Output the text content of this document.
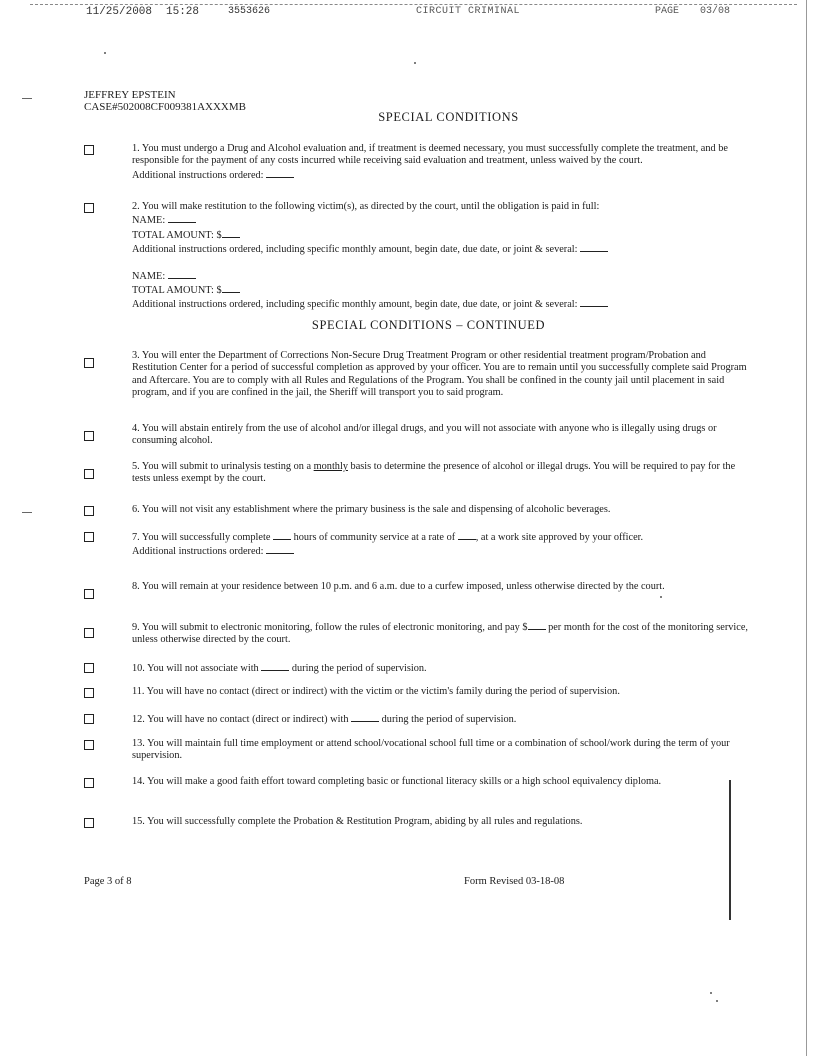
11/25/2008 15:28	3553626	CIRCUIT CRIMINAL	PAGE 03/08
JEFFREY EPSTEIN
CASE#502008CF009381AXXXMB
SPECIAL CONDITIONS
1. You must undergo a Drug and Alcohol evaluation and, if treatment is deemed necessary, you must successfully complete the treatment, and be responsible for the payment of any costs incurred while receiving said evaluation and treatment, unless waived by the court.
Additional instructions ordered:
2. You will make restitution to the following victim(s), as directed by the court, until the obligation is paid in full:
NAME:
TOTAL AMOUNT: $
Additional instructions ordered, including specific monthly amount, begin date, due date, or joint & several:
NAME:
TOTAL AMOUNT: $
Additional instructions ordered, including specific monthly amount, begin date, due date, or joint & several:
SPECIAL CONDITIONS – CONTINUED
3. You will enter the Department of Corrections Non-Secure Drug Treatment Program or other residential treatment program/Probation and Restitution Center for a period of successful completion as approved by your officer. You are to remain until you successfully complete said Program and Aftercare. You are to comply with all Rules and Regulations of the Program. You shall be confined in the county jail until placement in said program, and if you are confined in the jail, the Sheriff will transport you to said program.
4. You will abstain entirely from the use of alcohol and/or illegal drugs, and you will not associate with anyone who is illegally using drugs or consuming alcohol.
5. You will submit to urinalysis testing on a monthly basis to determine the presence of alcohol or illegal drugs. You will be required to pay for the tests unless exempt by the court.
6. You will not visit any establishment where the primary business is the sale and dispensing of alcoholic beverages.
7. You will successfully complete hours of community service at a rate of , at a work site approved by your officer.
Additional instructions ordered:
8. You will remain at your residence between 10 p.m. and 6 a.m. due to a curfew imposed, unless otherwise directed by the court.
9. You will submit to electronic monitoring, follow the rules of electronic monitoring, and pay $ per month for the cost of the monitoring service, unless otherwise directed by the court.
10. You will not associate with	during the period of supervision.
11. You will have no contact (direct or indirect) with the victim or the victim's family during the period of supervision.
12. You will have no contact (direct or indirect) with	during the period of supervision.
13. You will maintain full time employment or attend school/vocational school full time or a combination of school/work during the term of your supervision.
14. You will make a good faith effort toward completing basic or functional literacy skills or a high school equivalency diploma.
15. You will successfully complete the Probation & Restitution Program, abiding by all rules and regulations.
Page 3 of 8	Form Revised 03-18-08
